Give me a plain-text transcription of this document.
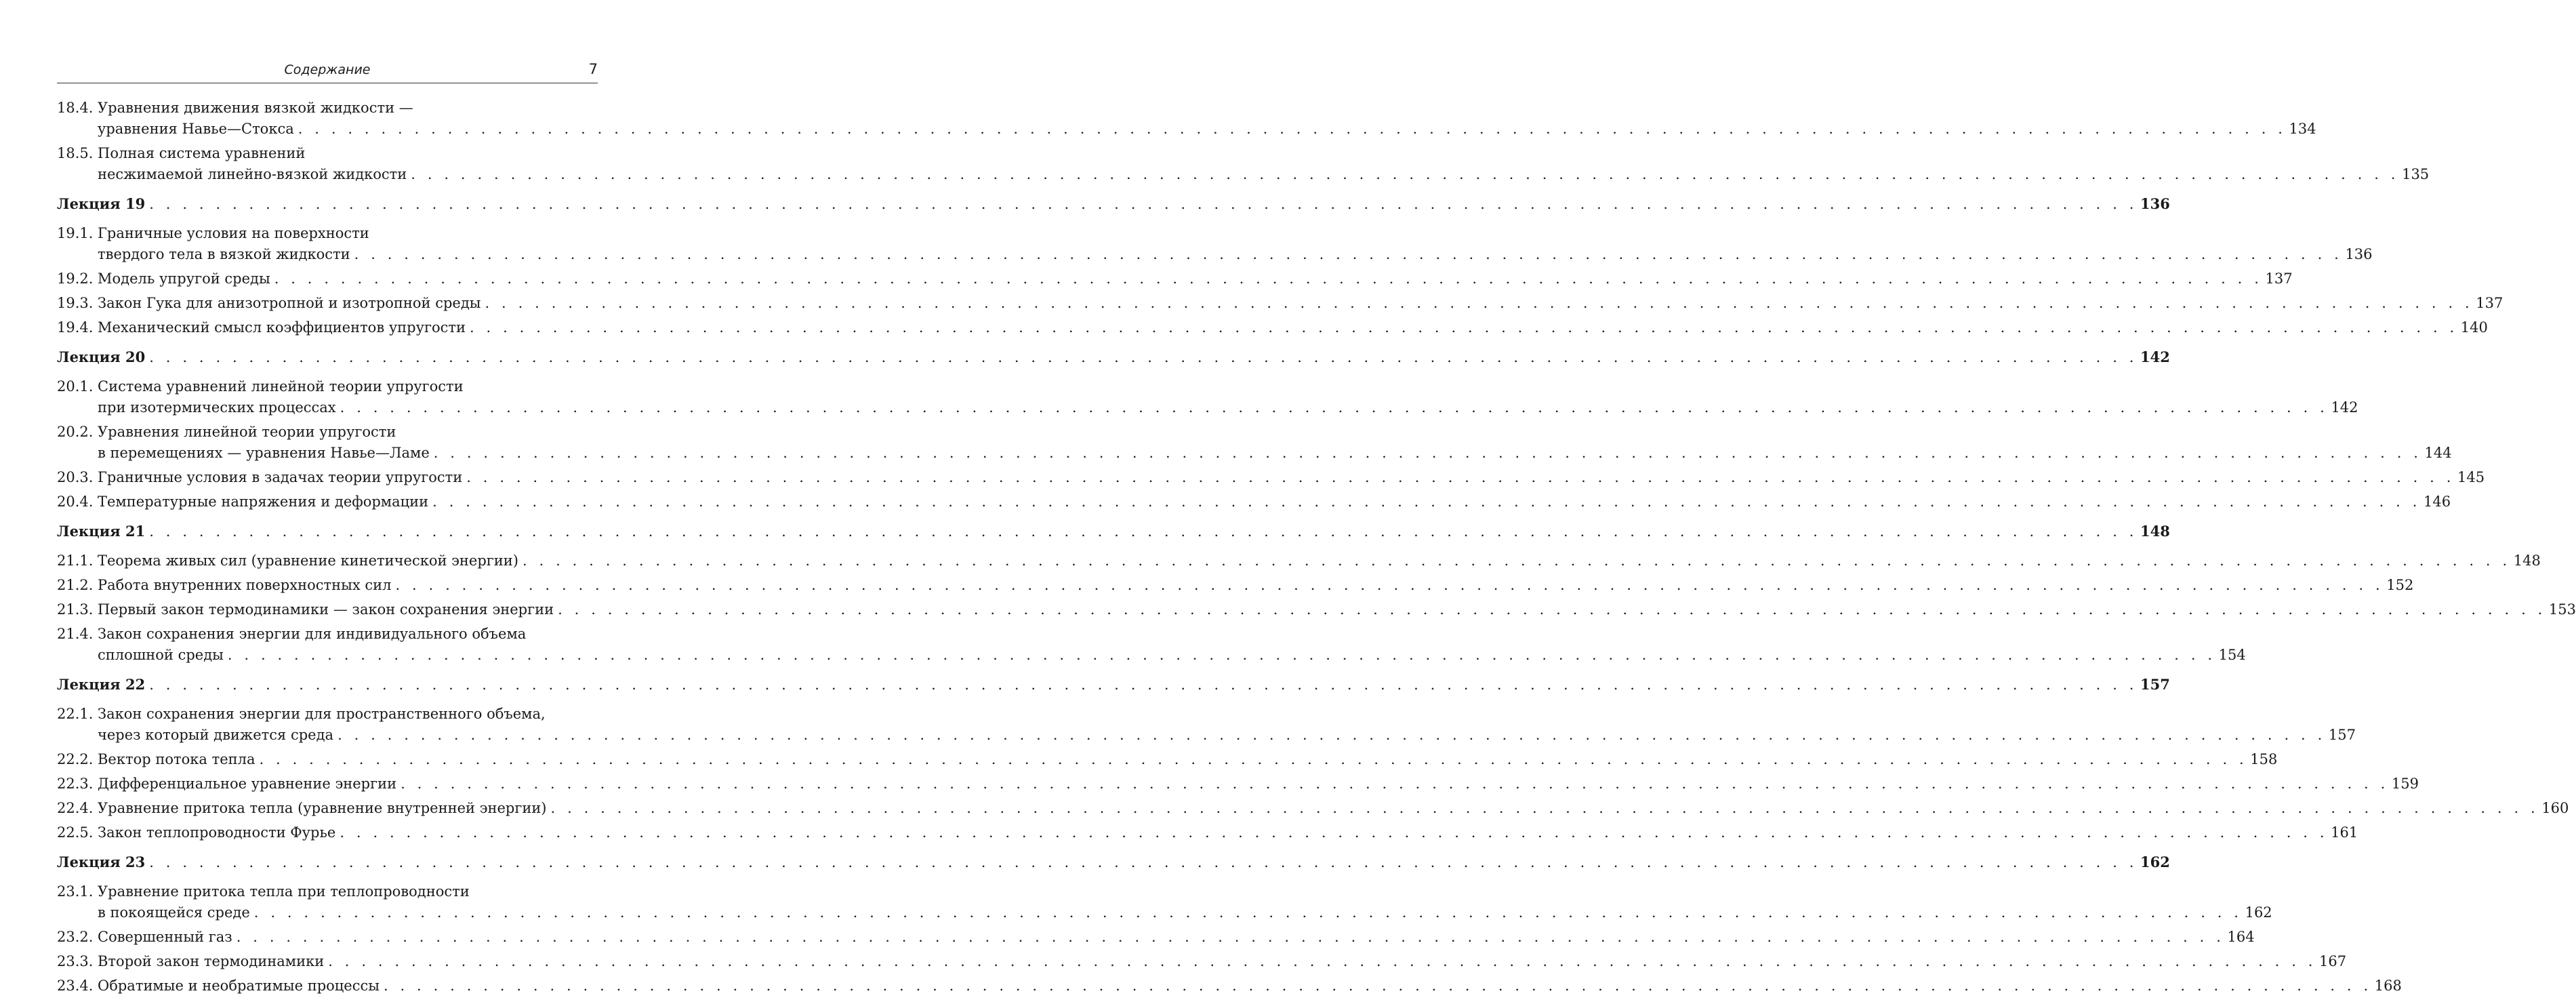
Содержание	7
18.4. Уравнения движения вязкой жидкости —
уравнения Навье—Стокса . . . . . . . . . . . . . . . . . . . . . . . . . . . . . . . . . . . . . . . . . . . . . . . . . . . . . . . . . . . . . . . . . . . . . . . . . . . . . . . . . . . . . . . . . . . . . . . . . . . . . . . . . . . . . . . . . . . . . . . . 134
18.5. Полная система уравнений
несжимаемой линейно-вязкой жидкости . . . . . . . . . . . . . . . . . . . . . . . . . . . . . . . . . . . . . . . . . . . . . . . . . . . . . . . . . . . . . . . . . . . . . . . . . . . . . . . . . . . . . . . . . . . . . . . . . . . . . . . . . . . . . . . . . . . . . . . . 135
Лекция 19 . . . . . . . . . . . . . . . . . . . . . . . . . . . . . . . . . . . . . . . . . . . . . . . . . . . . . . . . . . . . . . . . . . . . . . . . . . . . . . . . . . . . . . . . . . . . . . . . . . . . . . . . . . . . . . . . . . . . . . . . 136
19.1. Граничные условия на поверхности
твердого тела в вязкой жидкости . . . . . . . . . . . . . . . . . . . . . . . . . . . . . . . . . . . . . . . . . . . . . . . . . . . . . . . . . . . . . . . . . . . . . . . . . . . . . . . . . . . . . . . . . . . . . . . . . . . . . . . . . . . . . . . . . . . . . . . . 136
19.2. Модель упругой среды . . . . . . . . . . . . . . . . . . . . . . . . . . . . . . . . . . . . . . . . . . . . . . . . . . . . . . . . . . . . . . . . . . . . . . . . . . . . . . . . . . . . . . . . . . . . . . . . . . . . . . . . . . . . . . . . . . . . . . . . 137
19.3. Закон Гука для анизотропной и изотропной среды . . . . . . . . . . . . . . . . . . . . . . . . . . . . . . . . . . . . . . . . . . . . . . . . . . . . . . . . . . . . . . . . . . . . . . . . . . . . . . . . . . . . . . . . . . . . . . . . . . . . . . . . . . . . . . . . . . . . . . . . 137
19.4. Механический смысл коэффициентов упругости . . . . . . . . . . . . . . . . . . . . . . . . . . . . . . . . . . . . . . . . . . . . . . . . . . . . . . . . . . . . . . . . . . . . . . . . . . . . . . . . . . . . . . . . . . . . . . . . . . . . . . . . . . . . . . . . . . . . . . . . 140
Лекция 20 . . . . . . . . . . . . . . . . . . . . . . . . . . . . . . . . . . . . . . . . . . . . . . . . . . . . . . . . . . . . . . . . . . . . . . . . . . . . . . . . . . . . . . . . . . . . . . . . . . . . . . . . . . . . . . . . . . . . . . . . 142
20.1. Система уравнений линейной теории упругости
при изотермических процессах . . . . . . . . . . . . . . . . . . . . . . . . . . . . . . . . . . . . . . . . . . . . . . . . . . . . . . . . . . . . . . . . . . . . . . . . . . . . . . . . . . . . . . . . . . . . . . . . . . . . . . . . . . . . . . . . . . . . . . . . 142
20.2. Уравнения линейной теории упругости
в перемещениях — уравнения Навье—Ламе . . . . . . . . . . . . . . . . . . . . . . . . . . . . . . . . . . . . . . . . . . . . . . . . . . . . . . . . . . . . . . . . . . . . . . . . . . . . . . . . . . . . . . . . . . . . . . . . . . . . . . . . . . . . . . . . . . . . . . . . 144
20.3. Граничные условия в задачах теории упругости . . . . . . . . . . . . . . . . . . . . . . . . . . . . . . . . . . . . . . . . . . . . . . . . . . . . . . . . . . . . . . . . . . . . . . . . . . . . . . . . . . . . . . . . . . . . . . . . . . . . . . . . . . . . . . . . . . . . . . . . 145
20.4. Температурные напряжения и деформации . . . . . . . . . . . . . . . . . . . . . . . . . . . . . . . . . . . . . . . . . . . . . . . . . . . . . . . . . . . . . . . . . . . . . . . . . . . . . . . . . . . . . . . . . . . . . . . . . . . . . . . . . . . . . . . . . . . . . . . . 146
Лекция 21 . . . . . . . . . . . . . . . . . . . . . . . . . . . . . . . . . . . . . . . . . . . . . . . . . . . . . . . . . . . . . . . . . . . . . . . . . . . . . . . . . . . . . . . . . . . . . . . . . . . . . . . . . . . . . . . . . . . . . . . . 148
21.1. Теорема живых сил (уравнение кинетической энергии) . . . . . . . . . . . . . . . . . . . . . . . . . . . . . . . . . . . . . . . . . . . . . . . . . . . . . . . . . . . . . . . . . . . . . . . . . . . . . . . . . . . . . . . . . . . . . . . . . . . . . . . . . . . . . . . . . . . . . . . . 148
21.2. Работа внутренних поверхностных сил . . . . . . . . . . . . . . . . . . . . . . . . . . . . . . . . . . . . . . . . . . . . . . . . . . . . . . . . . . . . . . . . . . . . . . . . . . . . . . . . . . . . . . . . . . . . . . . . . . . . . . . . . . . . . . . . . . . . . . . . 152
21.3. Первый закон термодинамики — закон сохранения энергии . . . . . . . . . . . . . . . . . . . . . . . . . . . . . . . . . . . . . . . . . . . . . . . . . . . . . . . . . . . . . . . . . . . . . . . . . . . . . . . . . . . . . . . . . . . . . . . . . . . . . . . . . . . . . . . . . . . . . . . . 153
21.4. Закон сохранения энергии для индивидуального объема
сплошной среды . . . . . . . . . . . . . . . . . . . . . . . . . . . . . . . . . . . . . . . . . . . . . . . . . . . . . . . . . . . . . . . . . . . . . . . . . . . . . . . . . . . . . . . . . . . . . . . . . . . . . . . . . . . . . . . . . . . . . . . . 154
Лекция 22 . . . . . . . . . . . . . . . . . . . . . . . . . . . . . . . . . . . . . . . . . . . . . . . . . . . . . . . . . . . . . . . . . . . . . . . . . . . . . . . . . . . . . . . . . . . . . . . . . . . . . . . . . . . . . . . . . . . . . . . . 157
22.1. Закон сохранения энергии для пространственного объема,
через который движется среда . . . . . . . . . . . . . . . . . . . . . . . . . . . . . . . . . . . . . . . . . . . . . . . . . . . . . . . . . . . . . . . . . . . . . . . . . . . . . . . . . . . . . . . . . . . . . . . . . . . . . . . . . . . . . . . . . . . . . . . . 157
22.2. Вектор потока тепла . . . . . . . . . . . . . . . . . . . . . . . . . . . . . . . . . . . . . . . . . . . . . . . . . . . . . . . . . . . . . . . . . . . . . . . . . . . . . . . . . . . . . . . . . . . . . . . . . . . . . . . . . . . . . . . . . . . . . . . . 158
22.3. Дифференциальное уравнение энергии . . . . . . . . . . . . . . . . . . . . . . . . . . . . . . . . . . . . . . . . . . . . . . . . . . . . . . . . . . . . . . . . . . . . . . . . . . . . . . . . . . . . . . . . . . . . . . . . . . . . . . . . . . . . . . . . . . . . . . . . 159
22.4. Уравнение притока тепла (уравнение внутренней энергии) . . . . . . . . . . . . . . . . . . . . . . . . . . . . . . . . . . . . . . . . . . . . . . . . . . . . . . . . . . . . . . . . . . . . . . . . . . . . . . . . . . . . . . . . . . . . . . . . . . . . . . . . . . . . . . . . . . . . . . . . 160
22.5. Закон теплопроводности Фурье . . . . . . . . . . . . . . . . . . . . . . . . . . . . . . . . . . . . . . . . . . . . . . . . . . . . . . . . . . . . . . . . . . . . . . . . . . . . . . . . . . . . . . . . . . . . . . . . . . . . . . . . . . . . . . . . . . . . . . . . 161
Лекция 23 . . . . . . . . . . . . . . . . . . . . . . . . . . . . . . . . . . . . . . . . . . . . . . . . . . . . . . . . . . . . . . . . . . . . . . . . . . . . . . . . . . . . . . . . . . . . . . . . . . . . . . . . . . . . . . . . . . . . . . . . 162
23.1. Уравнение притока тепла при теплопроводности
в покоящейся среде . . . . . . . . . . . . . . . . . . . . . . . . . . . . . . . . . . . . . . . . . . . . . . . . . . . . . . . . . . . . . . . . . . . . . . . . . . . . . . . . . . . . . . . . . . . . . . . . . . . . . . . . . . . . . . . . . . . . . . . . 162
23.2. Совершенный газ . . . . . . . . . . . . . . . . . . . . . . . . . . . . . . . . . . . . . . . . . . . . . . . . . . . . . . . . . . . . . . . . . . . . . . . . . . . . . . . . . . . . . . . . . . . . . . . . . . . . . . . . . . . . . . . . . . . . . . . . 164
23.3. Второй закон термодинамики . . . . . . . . . . . . . . . . . . . . . . . . . . . . . . . . . . . . . . . . . . . . . . . . . . . . . . . . . . . . . . . . . . . . . . . . . . . . . . . . . . . . . . . . . . . . . . . . . . . . . . . . . . . . . . . . . . . . . . . . 167
23.4. Обратимые и необратимые процессы . . . . . . . . . . . . . . . . . . . . . . . . . . . . . . . . . . . . . . . . . . . . . . . . . . . . . . . . . . . . . . . . . . . . . . . . . . . . . . . . . . . . . . . . . . . . . . . . . . . . . . . . . . . . . . . . . . . . . . . . 168
